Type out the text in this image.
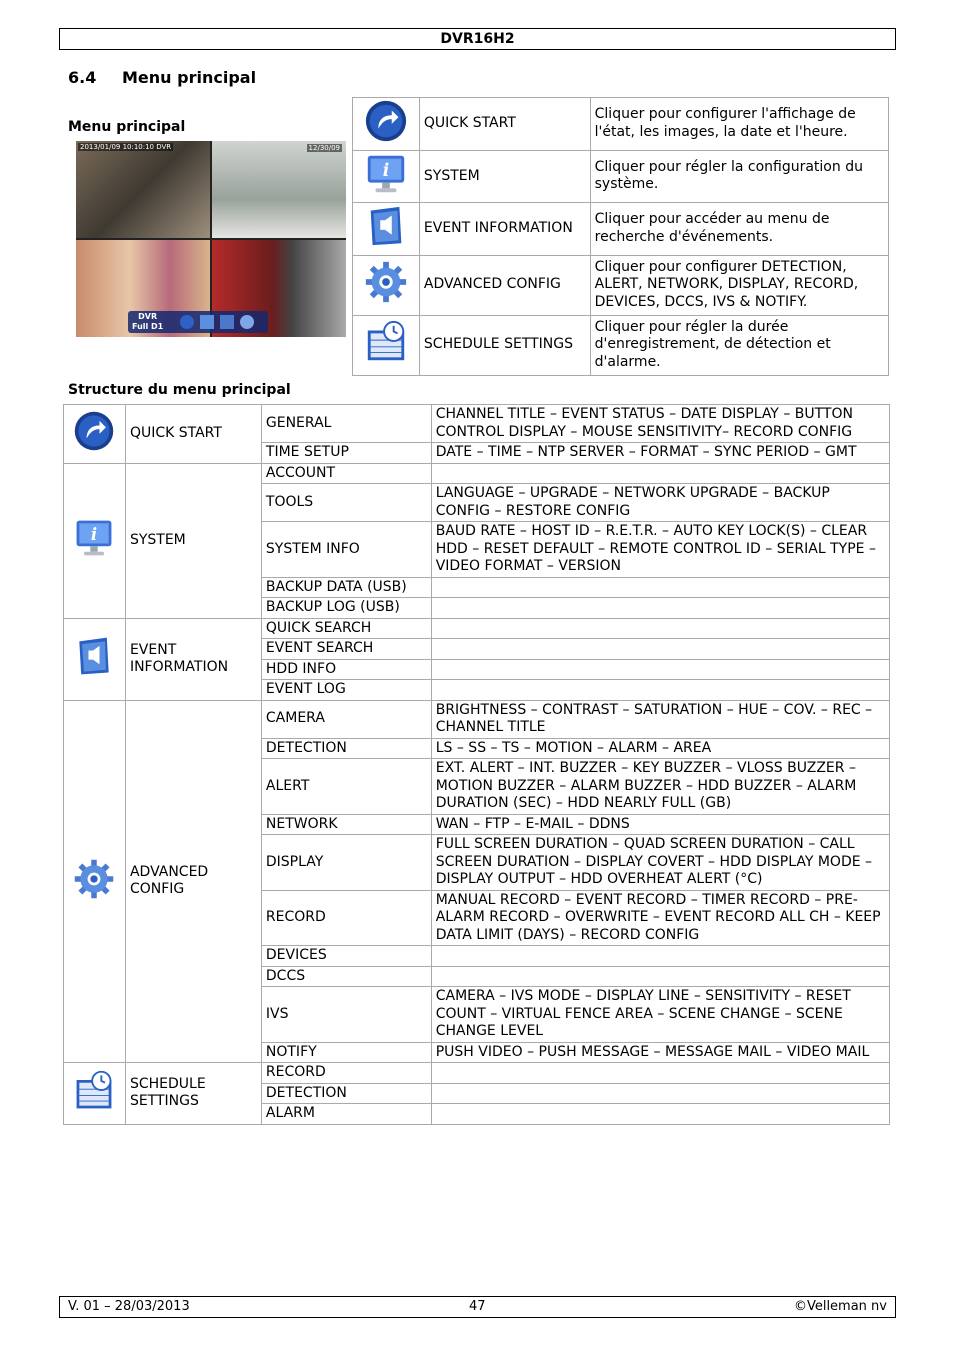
DVR16H2
6.4 Menu principal
Menu principal
2013/01/09 10:10:10 DVR	12/30/09
DVR
Full D1
	QUICK START	Cliquer pour configurer l'affichage de l'état, les images, la date et l'heure.

i	SYSTEM	Cliquer pour régler la configuration du système.
	EVENT INFORMATION	Cliquer pour accéder au menu de recherche d'événements.
	ADVANCED CONFIG	Cliquer pour configurer DETECTION, ALERT, NETWORK, DISPLAY, RECORD, DEVICES, DCCS, IVS & NOTIFY.
	SCHEDULE SETTINGS	Cliquer pour régler la durée d'enregistrement, de détection et d'alarme.
Structure du menu principal
	QUICK START	GENERAL	CHANNEL TITLE – EVENT STATUS – DATE DISPLAY – BUTTON CONTROL DISPLAY – MOUSE SENSITIVITY– RECORD CONFIG
		TIME SETUP	DATE – TIME – NTP SERVER – FORMAT – SYNC PERIOD – GMT

i	SYSTEM	ACCOUNT	
		TOOLS	LANGUAGE – UPGRADE – NETWORK UPGRADE – BACKUP CONFIG – RESTORE CONFIG
		SYSTEM INFO	BAUD RATE – HOST ID – R.E.T.R. – AUTO KEY LOCK(S) – CLEAR HDD – RESET DEFAULT – REMOTE CONTROL ID – SERIAL TYPE – VIDEO FORMAT – VERSION
		BACKUP DATA (USB)	
		BACKUP LOG (USB)	
	EVENT INFORMATION	QUICK SEARCH	
		EVENT SEARCH	
		HDD INFO	
		EVENT LOG	
	ADVANCED CONFIG	CAMERA	BRIGHTNESS – CONTRAST – SATURATION – HUE – COV. – REC – CHANNEL TITLE
		DETECTION	LS – SS – TS – MOTION – ALARM – AREA
		ALERT	EXT. ALERT – INT. BUZZER – KEY BUZZER – VLOSS BUZZER – MOTION BUZZER – ALARM BUZZER – HDD BUZZER – ALARM DURATION (SEC) – HDD NEARLY FULL (GB)
		NETWORK	WAN – FTP – E-MAIL – DDNS
		DISPLAY	FULL SCREEN DURATION – QUAD SCREEN DURATION – CALL SCREEN DURATION – DISPLAY COVERT – HDD DISPLAY MODE – DISPLAY OUTPUT – HDD OVERHEAT ALERT (°C)
		RECORD	MANUAL RECORD – EVENT RECORD – TIMER RECORD – PRE-ALARM RECORD – OVERWRITE – EVENT RECORD ALL CH – KEEP DATA LIMIT (DAYS) – RECORD CONFIG
		DEVICES	
		DCCS	
		IVS	CAMERA – IVS MODE – DISPLAY LINE – SENSITIVITY – RESET COUNT – VIRTUAL FENCE AREA – SCENE CHANGE – SCENE CHANGE LEVEL
		NOTIFY	PUSH VIDEO – PUSH MESSAGE – MESSAGE MAIL – VIDEO MAIL
	SCHEDULE SETTINGS	RECORD	
		DETECTION	
		ALARM	
V. 01 – 28/03/2013	47	©Velleman nv
